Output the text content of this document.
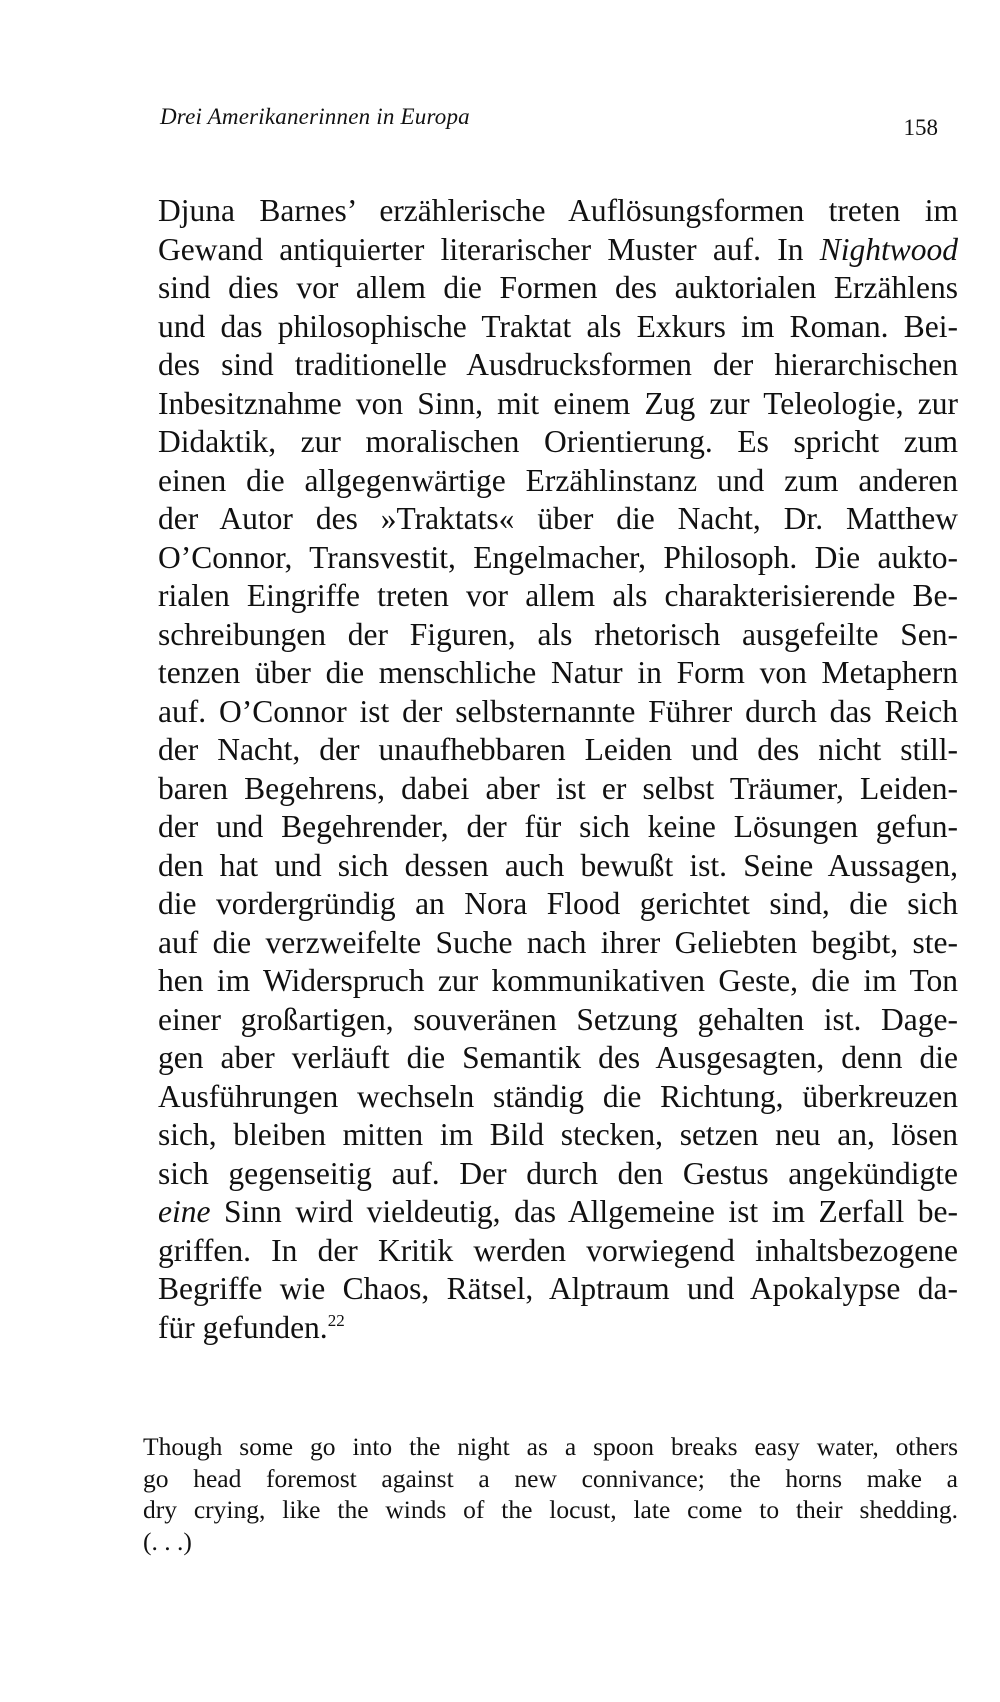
Drei Amerikanerinnen in Europa	158
Djuna Barnes’ erzählerische Auflösungsformen treten im
Gewand antiquierter literarischer Muster auf. In Nightwood
sind dies vor allem die Formen des auktorialen Erzählens
und das philosophische Traktat als Exkurs im Roman. Bei-
des sind traditionelle Ausdrucksformen der hierarchischen
Inbesitznahme von Sinn, mit einem Zug zur Teleologie, zur
Didaktik, zur moralischen Orientierung. Es spricht zum
einen die allgegenwärtige Erzählinstanz und zum anderen
der Autor des »Traktats« über die Nacht, Dr. Matthew
O’Connor, Transvestit, Engelmacher, Philosoph. Die aukto-
rialen Eingriffe treten vor allem als charakterisierende Be-
schreibungen der Figuren, als rhetorisch ausgefeilte Sen-
tenzen über die menschliche Natur in Form von Metaphern
auf. O’Connor ist der selbsternannte Führer durch das Reich
der Nacht, der unaufhebbaren Leiden und des nicht still-
baren Begehrens, dabei aber ist er selbst Träumer, Leiden-
der und Begehrender, der für sich keine Lösungen gefun-
den hat und sich dessen auch bewußt ist. Seine Aussagen,
die vordergründig an Nora Flood gerichtet sind, die sich
auf die verzweifelte Suche nach ihrer Geliebten begibt, ste-
hen im Widerspruch zur kommunikativen Geste, die im Ton
einer großartigen, souveränen Setzung gehalten ist. Dage-
gen aber verläuft die Semantik des Ausgesagten, denn die
Ausführungen wechseln ständig die Richtung, überkreuzen
sich, bleiben mitten im Bild stecken, setzen neu an, lösen
sich gegenseitig auf. Der durch den Gestus angekündigte
eine Sinn wird vieldeutig, das Allgemeine ist im Zerfall be-
griffen. In der Kritik werden vorwiegend inhaltsbezogene
Begriffe wie Chaos, Rätsel, Alptraum und Apokalypse da-
für gefunden.$^{22}$
Though some go into the night as a spoon breaks easy water, others
go head foremost against a new connivance; the horns make a
dry crying, like the winds of the locust, late come to their shedding.
(. . .)
